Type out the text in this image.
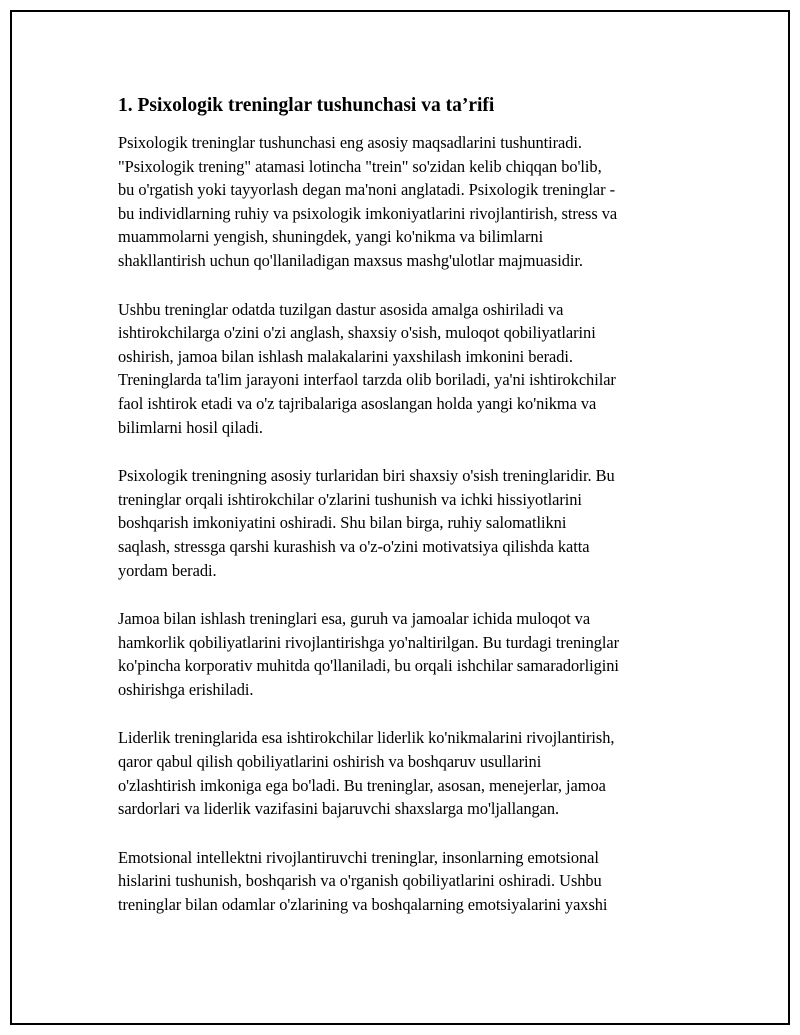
1. Psixologik treninglar tushunchasi va ta’rifi

Psixologik treninglar tushunchasi eng asosiy maqsadlarini tushuntiradi.
"Psixologik trening" atamasi lotincha "trein" so'zidan kelib chiqqan bo'lib,
bu o'rgatish yoki tayyorlash degan ma'noni anglatadi. Psixologik treninglar -
bu individlarning ruhiy va psixologik imkoniyatlarini rivojlantirish, stress va
muammolarni yengish, shuningdek, yangi ko'nikma va bilimlarni
shakllantirish uchun qo'llaniladigan maxsus mashg'ulotlar majmuasidir.

Ushbu treninglar odatda tuzilgan dastur asosida amalga oshiriladi va
ishtirokchilarga o'zini o'zi anglash, shaxsiy o'sish, muloqot qobiliyatlarini
oshirish, jamoa bilan ishlash malakalarini yaxshilash imkonini beradi.
Treninglarda ta'lim jarayoni interfaol tarzda olib boriladi, ya'ni ishtirokchilar
faol ishtirok etadi va o'z tajribalariga asoslangan holda yangi ko'nikma va
bilimlarni hosil qiladi.

Psixologik treningning asosiy turlaridan biri shaxsiy o'sish treninglaridir. Bu
treninglar orqali ishtirokchilar o'zlarini tushunish va ichki hissiyotlarini
boshqarish imkoniyatini oshiradi. Shu bilan birga, ruhiy salomatlikni
saqlash, stressga qarshi kurashish va o'z-o'zini motivatsiya qilishda katta
yordam beradi.

Jamoa bilan ishlash treninglari esa, guruh va jamoalar ichida muloqot va
hamkorlik qobiliyatlarini rivojlantirishga yo'naltirilgan. Bu turdagi treninglar
ko'pincha korporativ muhitda qo'llaniladi, bu orqali ishchilar samaradorligini
oshirishga erishiladi.

Liderlik treninglarida esa ishtirokchilar liderlik ko'nikmalarini rivojlantirish,
qaror qabul qilish qobiliyatlarini oshirish va boshqaruv usullarini
o'zlashtirish imkoniga ega bo'ladi. Bu treninglar, asosan, menejerlar, jamoa
sardorlari va liderlik vazifasini bajaruvchi shaxslarga mo'ljallangan.

Emotsional intellektni rivojlantiruvchi treninglar, insonlarning emotsional
hislarini tushunish, boshqarish va o'rganish qobiliyatlarini oshiradi. Ushbu
treninglar bilan odamlar o'zlarining va boshqalarning emotsiyalarini yaxshi
